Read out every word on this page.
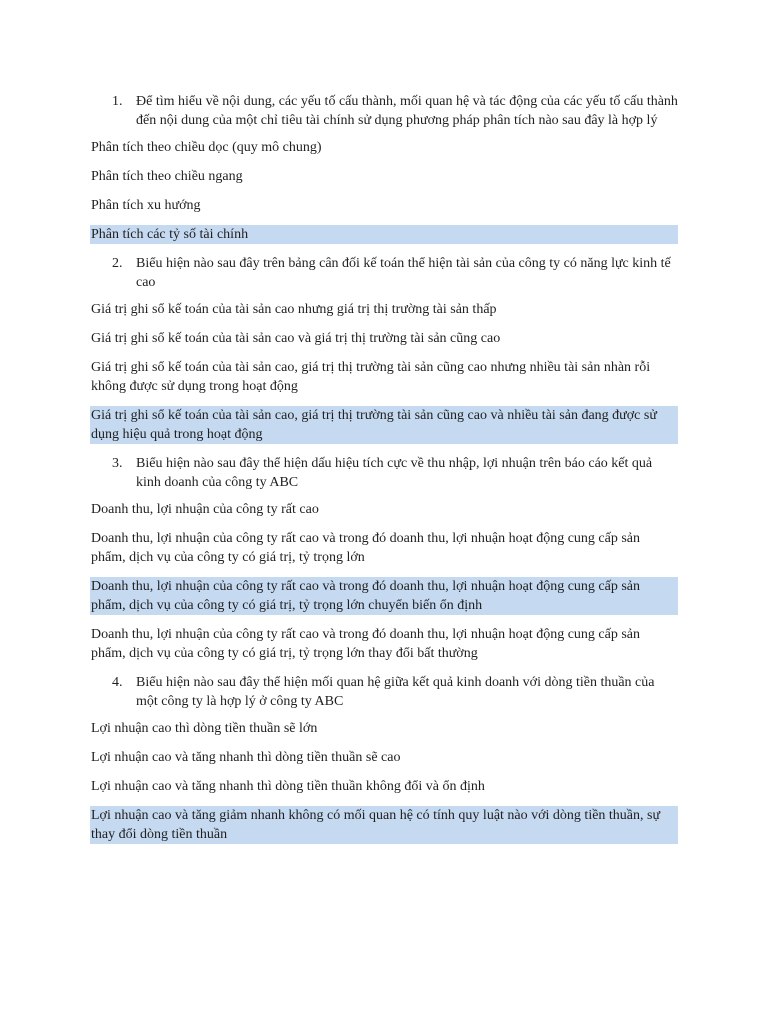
1. Để tìm hiểu về nội dung, các yếu tố cấu thành, mối quan hệ và tác động của các yếu tố cấu thành đến nội dung của một chỉ tiêu tài chính sử dụng phương pháp phân tích nào sau đây là hợp lý
Phân tích theo chiều dọc (quy mô chung)
Phân tích theo chiều ngang
Phân tích xu hướng
Phân tích các tỷ số tài chính
2. Biểu hiện nào sau đây trên bảng cân đối kế toán thể hiện tài sản của công ty có năng lực kinh tế cao
Giá trị ghi sổ kế toán của tài sản cao nhưng giá trị thị trường tài sản thấp
Giá trị ghi sổ kế toán của tài sản cao và giá trị thị trường tài sản cũng cao
Giá trị ghi sổ kế toán của tài sản cao, giá trị thị trường tài sản cũng cao nhưng nhiều tài sản nhàn rỗi không được sử dụng trong hoạt động
Giá trị ghi sổ kế toán của tài sản cao, giá trị thị trường tài sản cũng cao và nhiều tài sản đang được sử dụng hiệu quả trong hoạt động
3. Biểu hiện nào sau đây thể hiện dấu hiệu tích cực về thu nhập, lợi nhuận trên báo cáo kết quả kinh doanh của công ty ABC
Doanh thu, lợi nhuận của công ty rất cao
Doanh thu, lợi nhuận của công ty rất cao và trong đó doanh thu, lợi nhuận hoạt động cung cấp sản phẩm, dịch vụ của công ty có giá trị, tỷ trọng lớn
Doanh thu, lợi nhuận của công ty rất cao và trong đó doanh thu, lợi nhuận hoạt động cung cấp sản phẩm, dịch vụ của công ty có giá trị, tỷ trọng lớn chuyển biến ổn định
Doanh thu, lợi nhuận của công ty rất cao và trong đó doanh thu, lợi nhuận hoạt động cung cấp sản phẩm, dịch vụ của công ty có giá trị, tỷ trọng lớn thay đổi bất thường
4. Biểu hiện nào sau đây thể hiện mối quan hệ giữa kết quả kinh doanh với dòng tiền thuần của một công ty là hợp lý ở công ty ABC
Lợi nhuận cao thì dòng tiền thuần sẽ lớn
Lợi nhuận cao và tăng nhanh thì dòng tiền thuần sẽ cao
Lợi nhuận cao và tăng nhanh thì dòng tiền thuần không đổi và ổn định
Lợi nhuận cao và tăng giảm nhanh không có mối quan hệ có tính quy luật nào với dòng tiền thuần, sự thay đổi dòng tiền thuần
